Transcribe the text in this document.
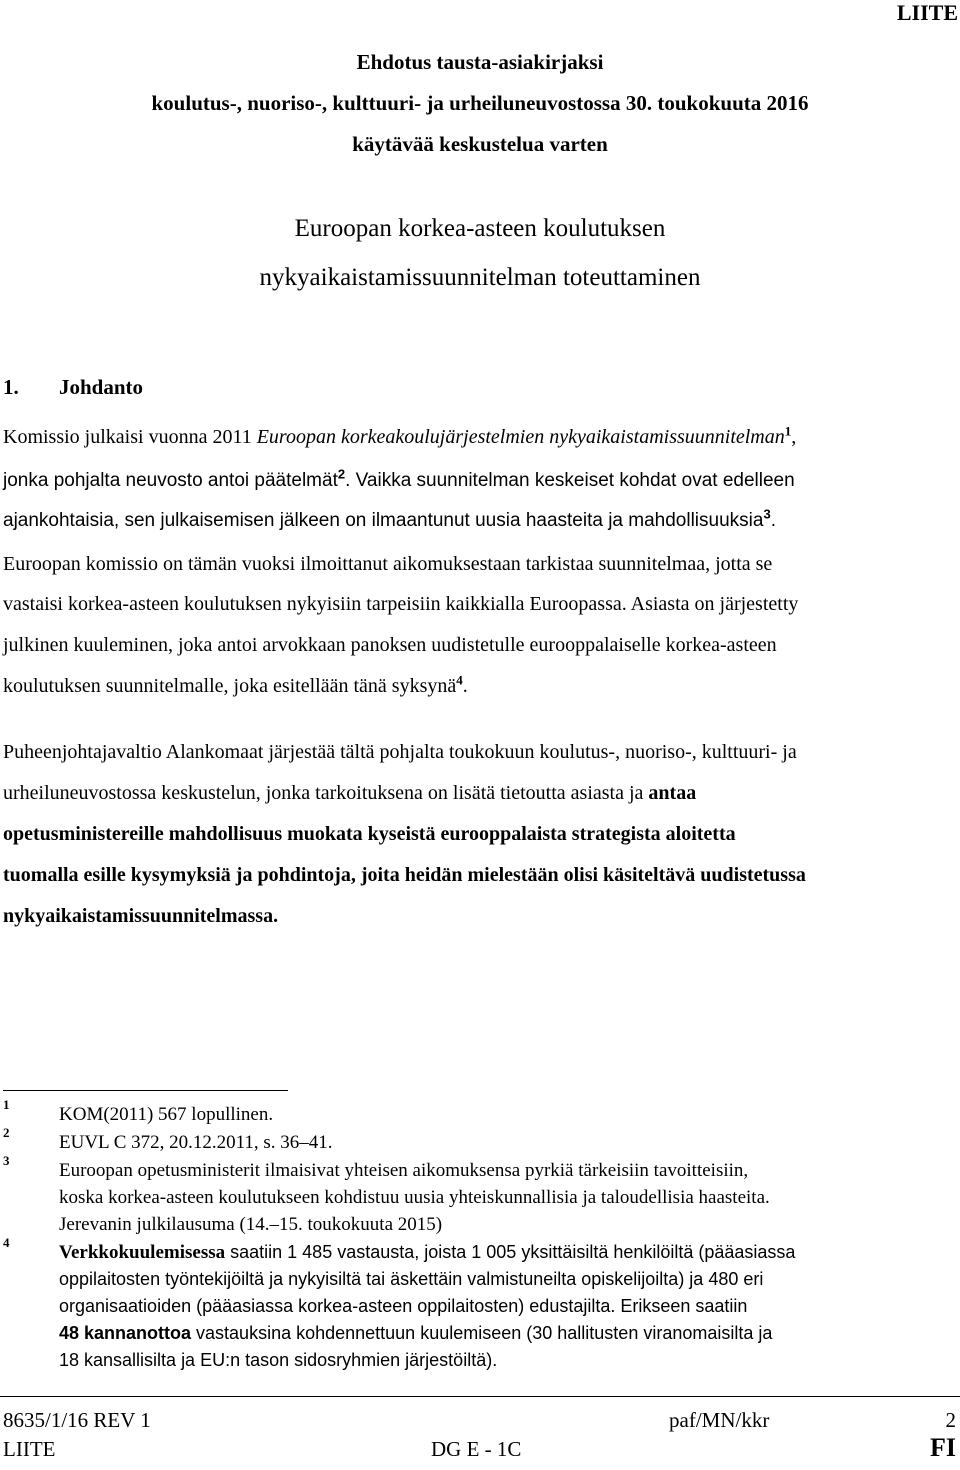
LIITE
Ehdotus tausta-asiakirjaksi
koulutus-, nuoriso-, kulttuuri- ja urheiluneuvostossa 30. toukokuuta 2016
käytävää keskustelua varten
Euroopan korkea-asteen koulutuksen
nykyaikaistamissuunnitelman toteuttaminen
1. Johdanto
Komissio julkaisi vuonna 2011 Euroopan korkeakoulujärjestelmien nykyaikaistamissuunnitelman$^1$,
jonka pohjalta neuvosto antoi päätelmät$^2$. Vaikka suunnitelman keskeiset kohdat ovat edelleen
ajankohtaisia, sen julkaisemisen jälkeen on ilmaantunut uusia haasteita ja mahdollisuuksia$^3$.
Euroopan komissio on tämän vuoksi ilmoittanut aikomuksestaan tarkistaa suunnitelmaa, jotta se
vastaisi korkea-asteen koulutuksen nykyisiin tarpeisiin kaikkialla Euroopassa. Asiasta on järjestetty
julkinen kuuleminen, joka antoi arvokkaan panoksen uudistetulle eurooppalaiselle korkea-asteen
koulutuksen suunnitelmalle, joka esitellään tänä syksynä$^4$.
Puheenjohtajavaltio Alankomaat järjestää tältä pohjalta toukokuun koulutus-, nuoriso-, kulttuuri- ja
urheiluneuvostossa keskustelun, jonka tarkoituksena on lisätä tietoutta asiasta ja antaa
opetusministereille mahdollisuus muokata kyseistä eurooppalaista strategista aloitetta
tuomalla esille kysymyksiä ja pohdintoja, joita heidän mielestään olisi käsiteltävä uudistetussa
nykyaikaistamissuunnitelmassa.
1	KOM(2011) 567 lopullinen.
2	EUVL C 372, 20.12.2011, s. 36–41.
3	Euroopan opetusministerit ilmaisivat yhteisen aikomuksensa pyrkiä tärkeisiin tavoitteisiin,
koska korkea-asteen koulutukseen kohdistuu uusia yhteiskunnallisia ja taloudellisia haasteita.
Jerevanin julkilausuma (14.–15. toukokuuta 2015)
4	Verkkokuulemisessa saatiin 1 485 vastausta, joista 1 005 yksittäisiltä henkilöiltä (pääasiassa
oppilaitosten työntekijöiltä ja nykyisiltä tai äskettäin valmistuneilta opiskelijoilta) ja 480 eri
organisaatioiden (pääasiassa korkea-asteen oppilaitosten) edustajilta. Erikseen saatiin
48 kannanottoa vastauksina kohdennettuun kuulemiseen (30 hallitusten viranomaisilta ja
18 kansallisilta ja EU:n tason sidosryhmien järjestöiltä).
8635/1/16 REV 1	paf/MN/kkr	2
LIITE	DG E - 1C	FI
